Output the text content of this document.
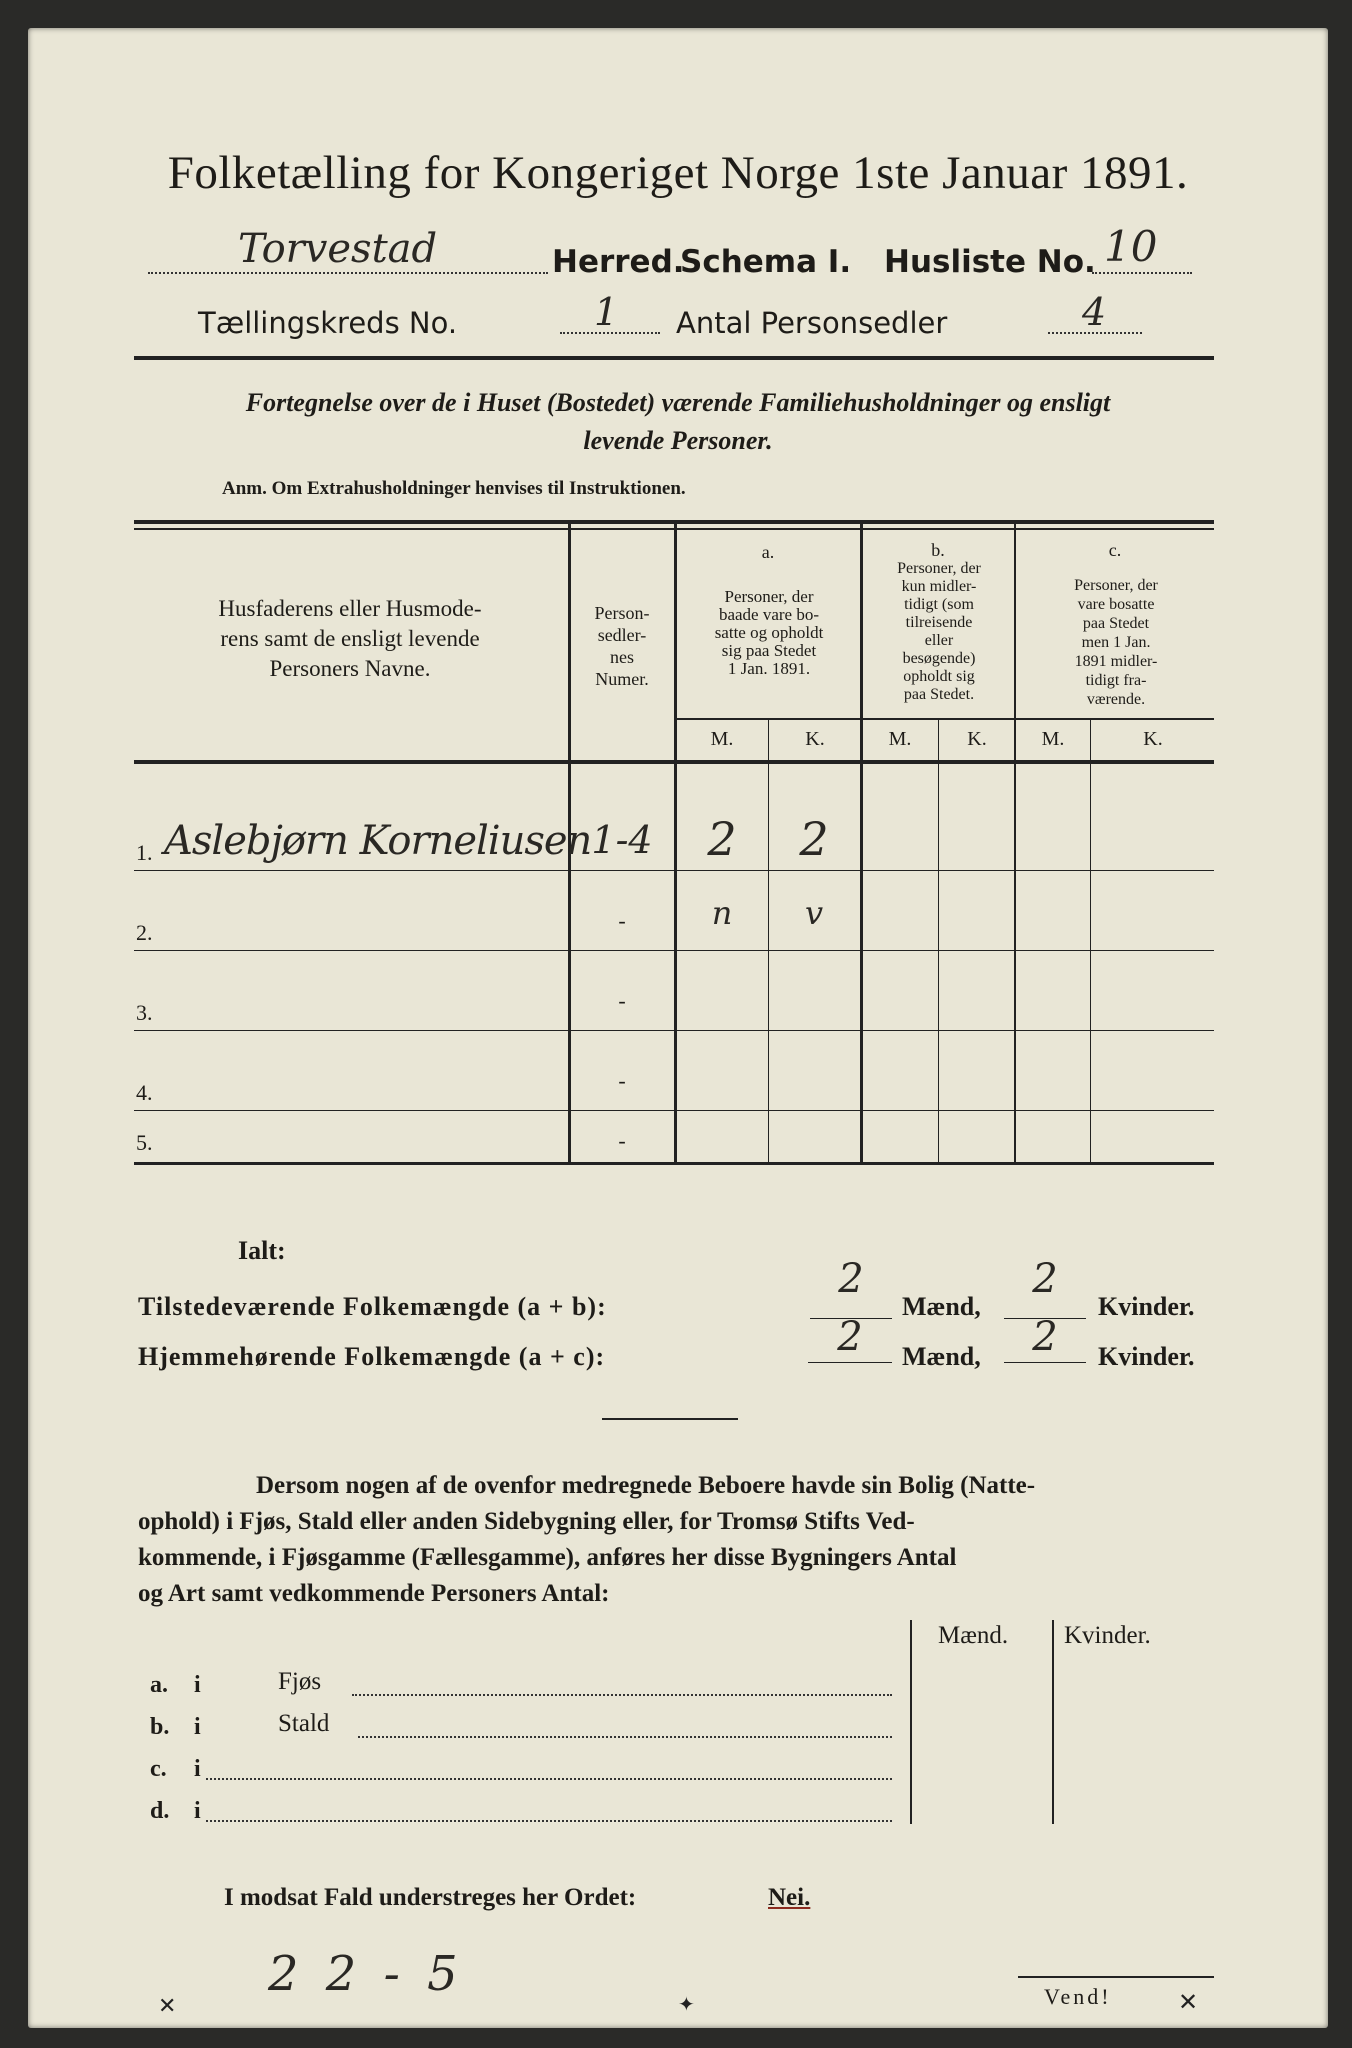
Folketælling for Kongeriget Norge 1ste Januar 1891.
Torvestad	Herred.
Schema I. Husliste No. 10
Tællingskreds No.	1 Antal Personsedler	4
Fortegnelse over de i Huset (Bostedet) værende Familiehusholdninger og ensligt
levende Personer.
Anm. Om Extrahusholdninger henvises til Instruktionen.
Husfaderens eller Husmode-
rens samt de ensligt levende
Personers Navne.
Person-
sedler-
nes
Numer.
a.
Personer, der
baade vare bo-
satte og opholdt
sig paa Stedet
1 Jan. 1891.
b.
Personer, der
kun midler-
tidigt (som
tilreisende
eller
besøgende)
opholdt sig
paa Stedet.
c.
Personer, der
vare bosatte
paa Stedet
men 1 Jan.
1891 midler-
tidigt fra-
værende.
M.	K.	M.	K.	M.	K.
1. Aslebjørn Korneliusen 1-4	2	2
2.	-	n	v
3.	-
4.	-
5.	-
Ialt:
Tilstedeværende Folkemængde (a + b):
2
Mænd,
2
Kvinder.
Hjemmehørende Folkemængde (a + c):	2	Mænd,	2	Kvinder.
Dersom nogen af de ovenfor medregnede Beboere havde sin Bolig (Natte-
ophold) i Fjøs, Stald eller anden Sidebygning eller, for Tromsø Stifts Ved-
kommende, i Fjøsgamme (Fællesgamme), anføres her disse Bygningers Antal
og Art samt vedkommende Personers Antal:
Mænd. Kvinder.
a. i	Fjøs
b. i	Stald
c. i
d. i
I modsat Fald understreges her Ordet:	Nei.
2 2 - 5	Vend!
✕	✦	✕
